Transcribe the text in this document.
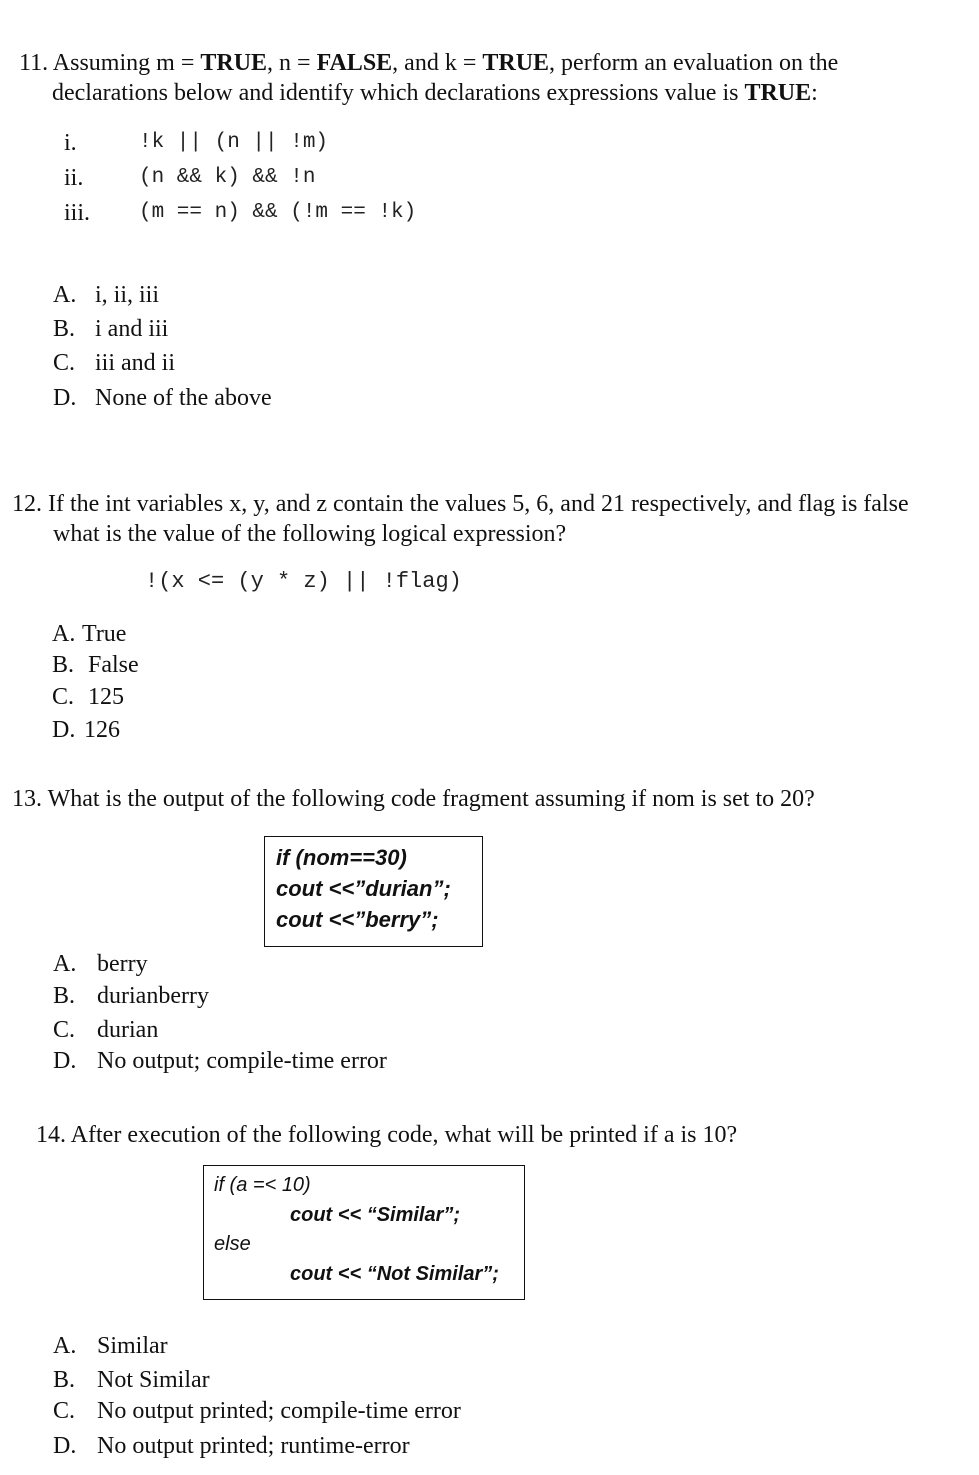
11. Assuming m = TRUE, n = FALSE, and k = TRUE, perform an evaluation on the
declarations below and identify which declarations expressions value is TRUE:
i.	!k || (n || !m)
ii.	(n && k) && !n
iii. (m == n) && (!m == !k)
A. i, ii, iii
B. i and iii
C. iii and ii
D. None of the above
12. If the int variables x, y, and z contain the values 5, 6, and 21 respectively, and flag is false
what is the value of the following logical expression?
!(x <= (y * z) || !flag)
A. True
B. False
C. 125
D. 126
13. What is the output of the following code fragment assuming if nom is set to 20?
if (nom==30)
cout <<”durian”;
cout <<”berry”;
A. berry
B. durianberry
C. durian
D. No output; compile-time error
14. After execution of the following code, what will be printed if a is 10?
if (a =< 10)
cout << “Similar”;
else
cout << “Not Similar”;
A. Similar
B. Not Similar
C. No output printed; compile-time error
D. No output printed; runtime-error
